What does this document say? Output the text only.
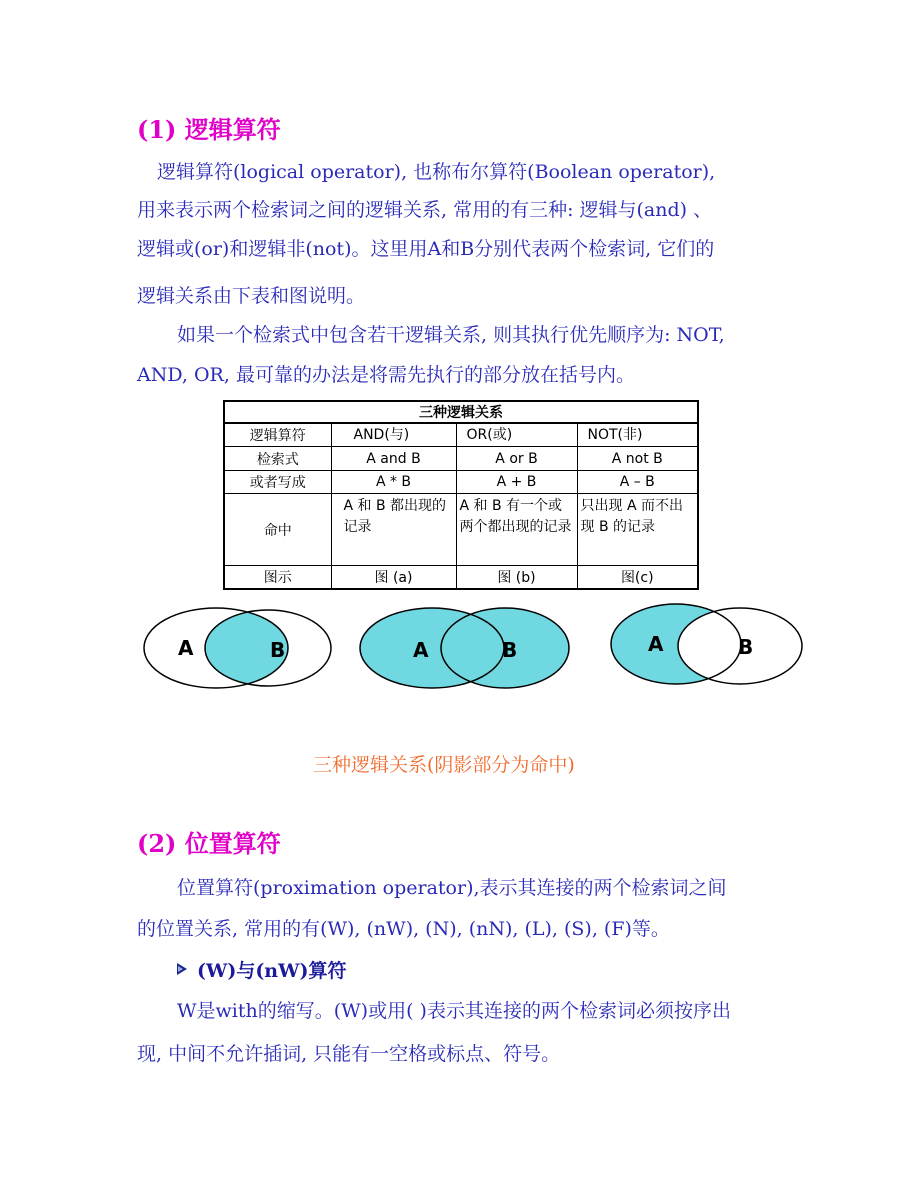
(1) 逻辑算符
逻辑算符(logical operator), 也称布尔算符(Boolean operator),
用来表示两个检索词之间的逻辑关系, 常用的有三种: 逻辑与(and) 、
逻辑或(or)和逻辑非(not)。这里用A和B分别代表两个检索词, 它们的
逻辑关系由下表和图说明。
如果一个检索式中包含若干逻辑关系, 则其执行优先顺序为: NOT,
AND, OR, 最可靠的办法是将需先执行的部分放在括号内。
三种逻辑关系			
逻辑算符	AND(与)	OR(或)	NOT(非)
检索式	A and B	A or B	A not B
或者写成	A * B	A + B	A – B
命中	A 和 B 都出现的记录	A 和 B 有一个或两个都出现的记录	只出现 A 而不出现 B 的记录
图示	图 (a)	图 (b)	图(c)
A	B	A	B	A	B
三种逻辑关系(阴影部分为命中)
(2) 位置算符
位置算符(proximation operator),表示其连接的两个检索词之间
的位置关系, 常用的有(W), (nW), (N), (nN), (L), (S), (F)等。
(W)与(nW)算符
W是with的缩写。(W)或用( )表示其连接的两个检索词必须按序出
现, 中间不允许插词, 只能有一空格或标点、符号。
